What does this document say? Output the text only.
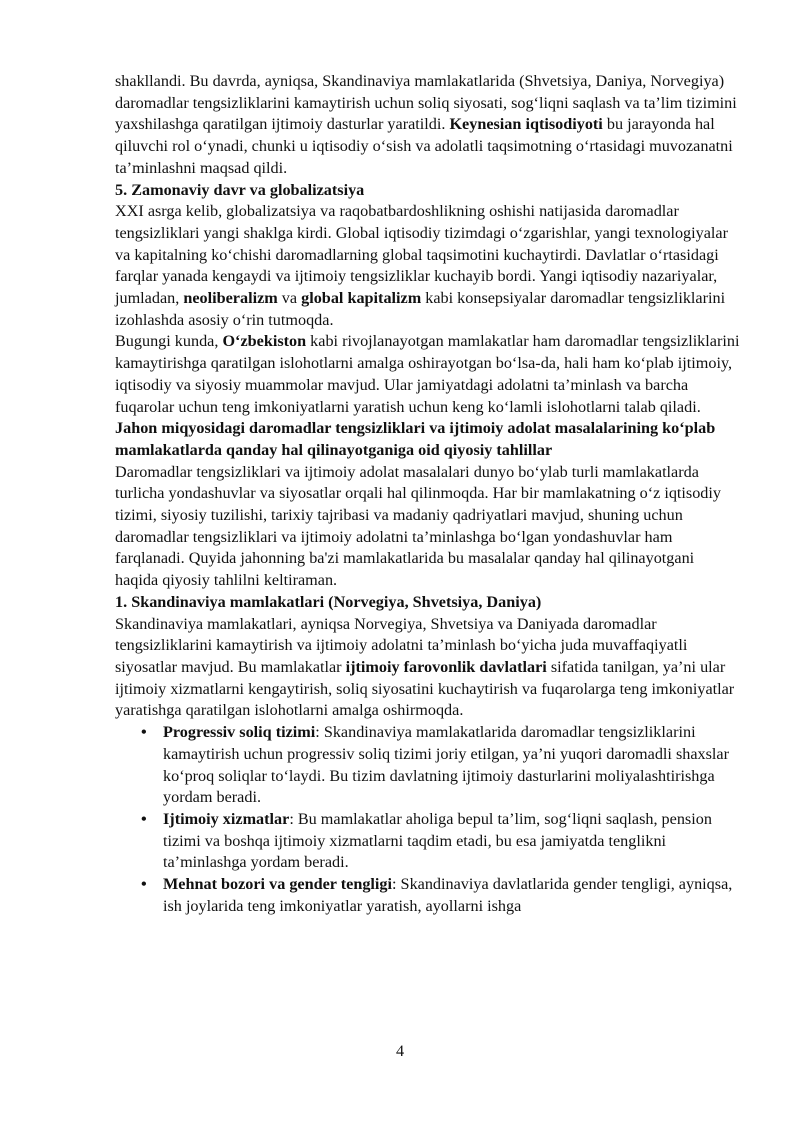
shakllandi. Bu davrda, ayniqsa, Skandinaviya mamlakatlarida (Shvetsiya, Daniya, Norvegiya) daromadlar tengsizliklarini kamaytirish uchun soliq siyosati, sog‘liqni saqlash va ta’lim tizimini yaxshilashga qaratilgan ijtimoiy dasturlar yaratildi. Keynesian iqtisodiyoti bu jarayonda hal qiluvchi rol o‘ynadi, chunki u iqtisodiy o‘sish va adolatli taqsimotning o‘rtasidagi muvozanatni ta’minlashni maqsad qildi.

5. Zamonaviy davr va globalizatsiya

XXI asrga kelib, globalizatsiya va raqobatbardoshlikning oshishi natijasida daromadlar tengsizliklari yangi shaklga kirdi. Global iqtisodiy tizimdagi o‘zgarishlar, yangi texnologiyalar va kapitalning ko‘chishi daromadlarning global taqsimotini kuchaytirdi. Davlatlar o‘rtasidagi farqlar yanada kengaydi va ijtimoiy tengsizliklar kuchayib bordi. Yangi iqtisodiy nazariyalar, jumladan, neoliberalizm va global kapitalizm kabi konsepsiyalar daromadlar tengsizliklarini izohlashda asosiy o‘rin tutmoqda.

Bugungi kunda, O‘zbekiston kabi rivojlanayotgan mamlakatlar ham daromadlar tengsizliklarini kamaytirishga qaratilgan islohotlarni amalga oshirayotgan bo‘lsa-da, hali ham ko‘plab ijtimoiy, iqtisodiy va siyosiy muammolar mavjud. Ular jamiyatdagi adolatni ta’minlash va barcha fuqarolar uchun teng imkoniyatlarni yaratish uchun keng ko‘lamli islohotlarni talab qiladi.

Jahon miqyosidagi daromadlar tengsizliklari va ijtimoiy adolat masalalarining ko‘plab mamlakatlarda qanday hal qilinayotganiga oid qiyosiy tahlillar

Daromadlar tengsizliklari va ijtimoiy adolat masalalari dunyo bo‘ylab turli mamlakatlarda turlicha yondashuvlar va siyosatlar orqali hal qilinmoqda. Har bir mamlakatning o‘z iqtisodiy tizimi, siyosiy tuzilishi, tarixiy tajribasi va madaniy qadriyatlari mavjud, shuning uchun daromadlar tengsizliklari va ijtimoiy adolatni ta’minlashga bo‘lgan yondashuvlar ham farqlanadi. Quyida jahonning ba'zi mamlakatlarida bu masalalar qanday hal qilinayotgani haqida qiyosiy tahlilni keltiraman.

1. Skandinaviya mamlakatlari (Norvegiya, Shvetsiya, Daniya)

Skandinaviya mamlakatlari, ayniqsa Norvegiya, Shvetsiya va Daniyada daromadlar tengsizliklarini kamaytirish va ijtimoiy adolatni ta’minlash bo‘yicha juda muvaffaqiyatli siyosatlar mavjud. Bu mamlakatlar ijtimoiy farovonlik davlatlari sifatida tanilgan, ya’ni ular ijtimoiy xizmatlarni kengaytirish, soliq siyosatini kuchaytirish va fuqarolarga teng imkoniyatlar yaratishga qaratilgan islohotlarni amalga oshirmoqda.

• Progressiv soliq tizimi: Skandinaviya mamlakatlarida daromadlar tengsizliklarini kamaytirish uchun progressiv soliq tizimi joriy etilgan, ya’ni yuqori daromadli shaxslar ko‘proq soliqlar to‘laydi. Bu tizim davlatning ijtimoiy dasturlarini moliyalashtirishga yordam beradi.
• Ijtimoiy xizmatlar: Bu mamlakatlar aholiga bepul ta’lim, sog‘liqni saqlash, pension tizimi va boshqa ijtimoiy xizmatlarni taqdim etadi, bu esa jamiyatda tenglikni ta’minlashga yordam beradi.
• Mehnat bozori va gender tengligi: Skandinaviya davlatlarida gender tengligi, ayniqsa, ish joylarida teng imkoniyatlar yaratish, ayollarni ishga
4
